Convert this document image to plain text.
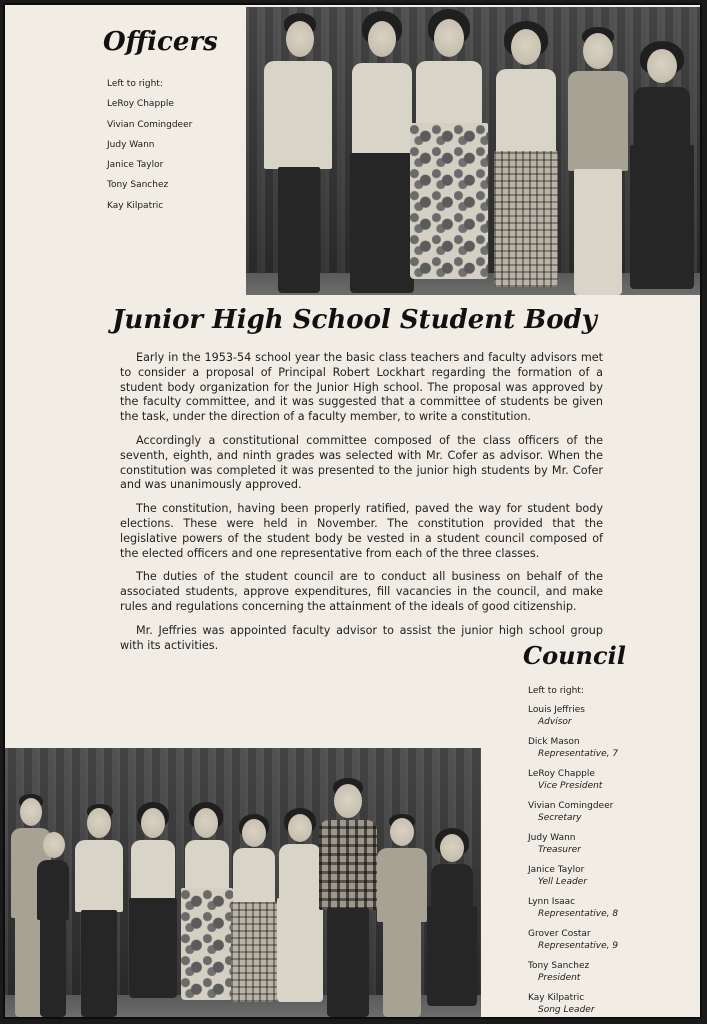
Officers
Left to right:
LeRoy Chapple
Vivian Comingdeer
Judy Wann
Janice Taylor
Tony Sanchez
Kay Kilpatric
Junior High School Student Body

Early in the 1953-54 school year the basic class teachers and faculty advisors met to consider a proposal of Principal Robert Lockhart regarding the formation of a student body organization for the Junior High school. The proposal was approved by the faculty committee, and it was suggested that a committee of students be given the task, under the direction of a faculty member, to write a constitution.

Accordingly a constitutional committee composed of the class officers of the seventh, eighth, and ninth grades was selected with Mr. Cofer as advisor. When the constitution was completed it was presented to the junior high students by Mr. Cofer and was unanimously approved.

The constitution, having been properly ratified, paved the way for student body elections. These were held in November. The constitution provided that the legislative powers of the student body be vested in a student council composed of the elected officers and one representative from each of the three classes.

The duties of the student council are to conduct all business on behalf of the associated students, approve expenditures, fill vacancies in the council, and make rules and regulations concerning the attainment of the ideals of good citizenship.

Mr. Jeffries was appointed faculty advisor to assist the junior high school group with its activities.	Council
Left to right:
Louis Jeffries
Advisor
Dick Mason
Representative, 7
LeRoy Chapple
Vice President
Vivian Comingdeer
Secretary
Judy Wann
Treasurer
Janice Taylor
Yell Leader
Lynn Isaac
Representative, 8
Grover Costar
Representative, 9
Tony Sanchez
President
Kay Kilpatric
Song Leader
